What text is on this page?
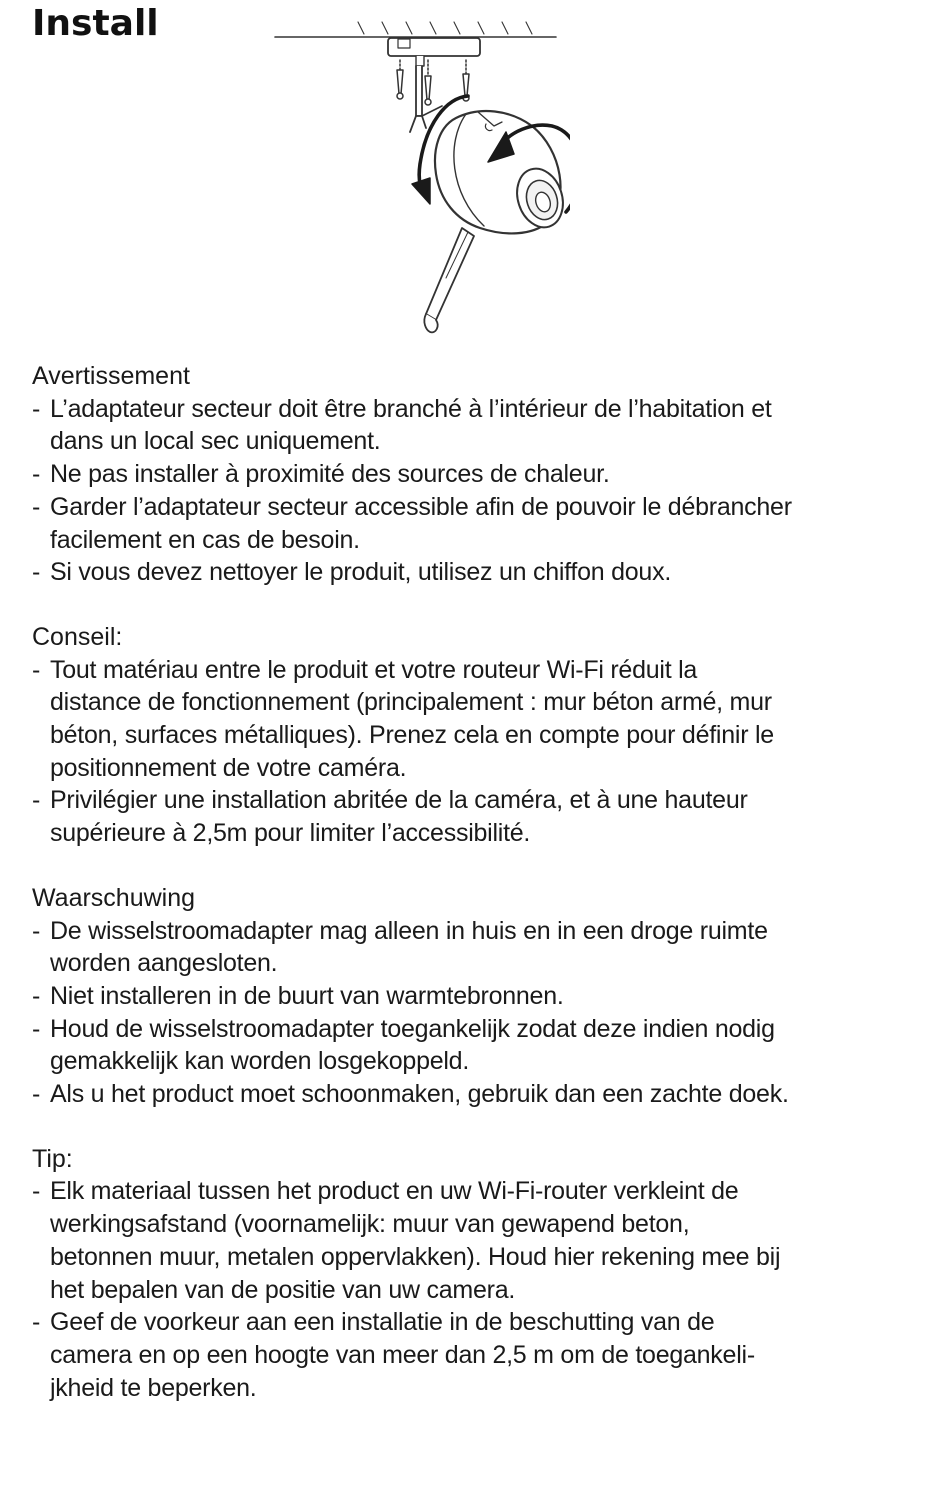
Install
Avertissement
- L’adaptateur secteur doit être branché à l’intérieur de l’habitation et
dans un local sec uniquement.
- Ne pas installer à proximité des sources de chaleur.
- Garder l’adaptateur secteur accessible afin de pouvoir le débrancher
facilement en cas de besoin.
- Si vous devez nettoyer le produit, utilisez un chiffon doux.
Conseil:
- Tout matériau entre le produit et votre routeur Wi-Fi réduit la
distance de fonctionnement (principalement : mur béton armé, mur
béton, surfaces métalliques). Prenez cela en compte pour définir le
positionnement de votre caméra.
- Privilégier une installation abritée de la caméra, et à une hauteur
supérieure à 2,5m pour limiter l’accessibilité.
Waarschuwing
- De wisselstroomadapter mag alleen in huis en in een droge ruimte
worden aangesloten.
- Niet installeren in de buurt van warmtebronnen.
- Houd de wisselstroomadapter toegankelijk zodat deze indien nodig
gemakkelijk kan worden losgekoppeld.
- Als u het product moet schoonmaken, gebruik dan een zachte doek.
Tip:
- Elk materiaal tussen het product en uw Wi-Fi-router verkleint de
werkingsafstand (voornamelijk: muur van gewapend beton,
betonnen muur, metalen oppervlakken). Houd hier rekening mee bij
het bepalen van de positie van uw camera.
- Geef de voorkeur aan een installatie in de beschutting van de
camera en op een hoogte van meer dan 2,5 m om de toegankeli-
jkheid te beperken.
